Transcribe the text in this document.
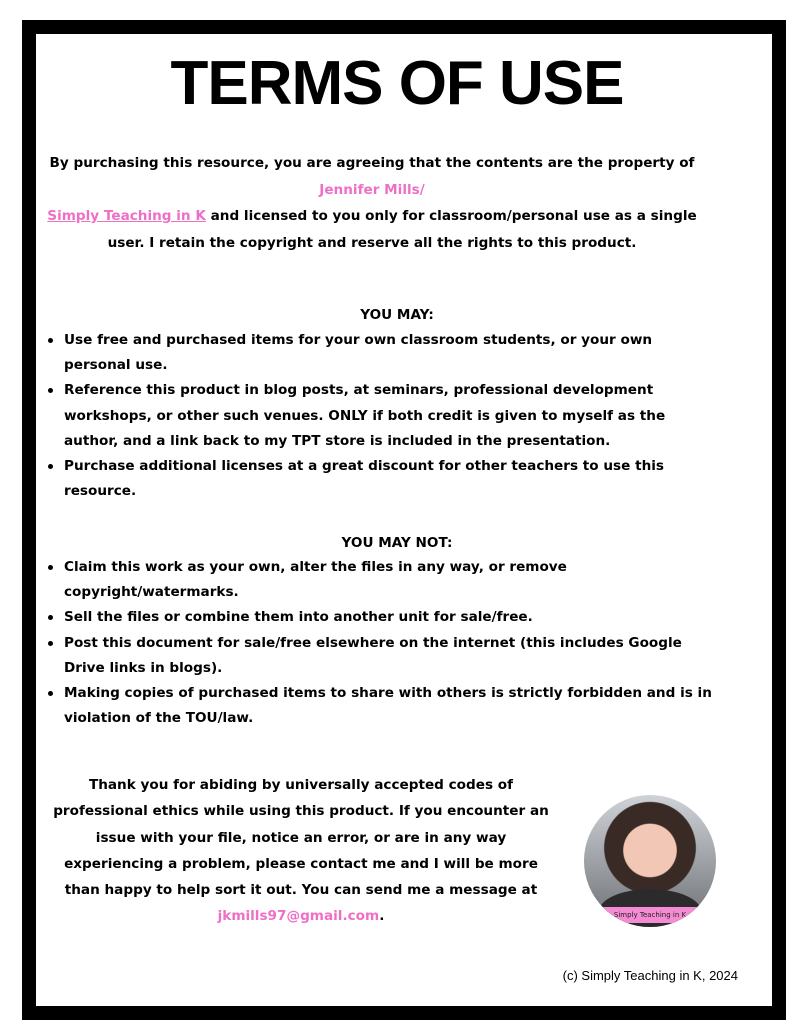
TERMS OF USE
By purchasing this resource, you are agreeing that the contents are the property of Jennifer Mills/
Simply Teaching in K and licensed to you only for classroom/personal use as a single user. I retain the copyright and reserve all the rights to this product.
YOU MAY:
Use free and purchased items for your own classroom students, or your own personal use.
Reference this product in blog posts, at seminars, professional development workshops, or other such venues. ONLY if both credit is given to myself as the author, and a link back to my TPT store is included in the presentation.
Purchase additional licenses at a great discount for other teachers to use this resource.
YOU MAY NOT:
Claim this work as your own, alter the files in any way, or remove copyright/watermarks.
Sell the files or combine them into another unit for sale/free.
Post this document for sale/free elsewhere on the internet (this includes Google Drive links in blogs).
Making copies of purchased items to share with others is strictly forbidden and is in violation of the TOU/law.
Thank you for abiding by universally accepted codes of professional ethics while using this product. If you encounter an issue with your file, notice an error, or are in any way experiencing a problem, please contact me and I will be more than happy to help sort it out. You can send me a message at jkmills97@gmail.com.	Simply Teaching in K
(c) Simply Teaching in K, 2024
